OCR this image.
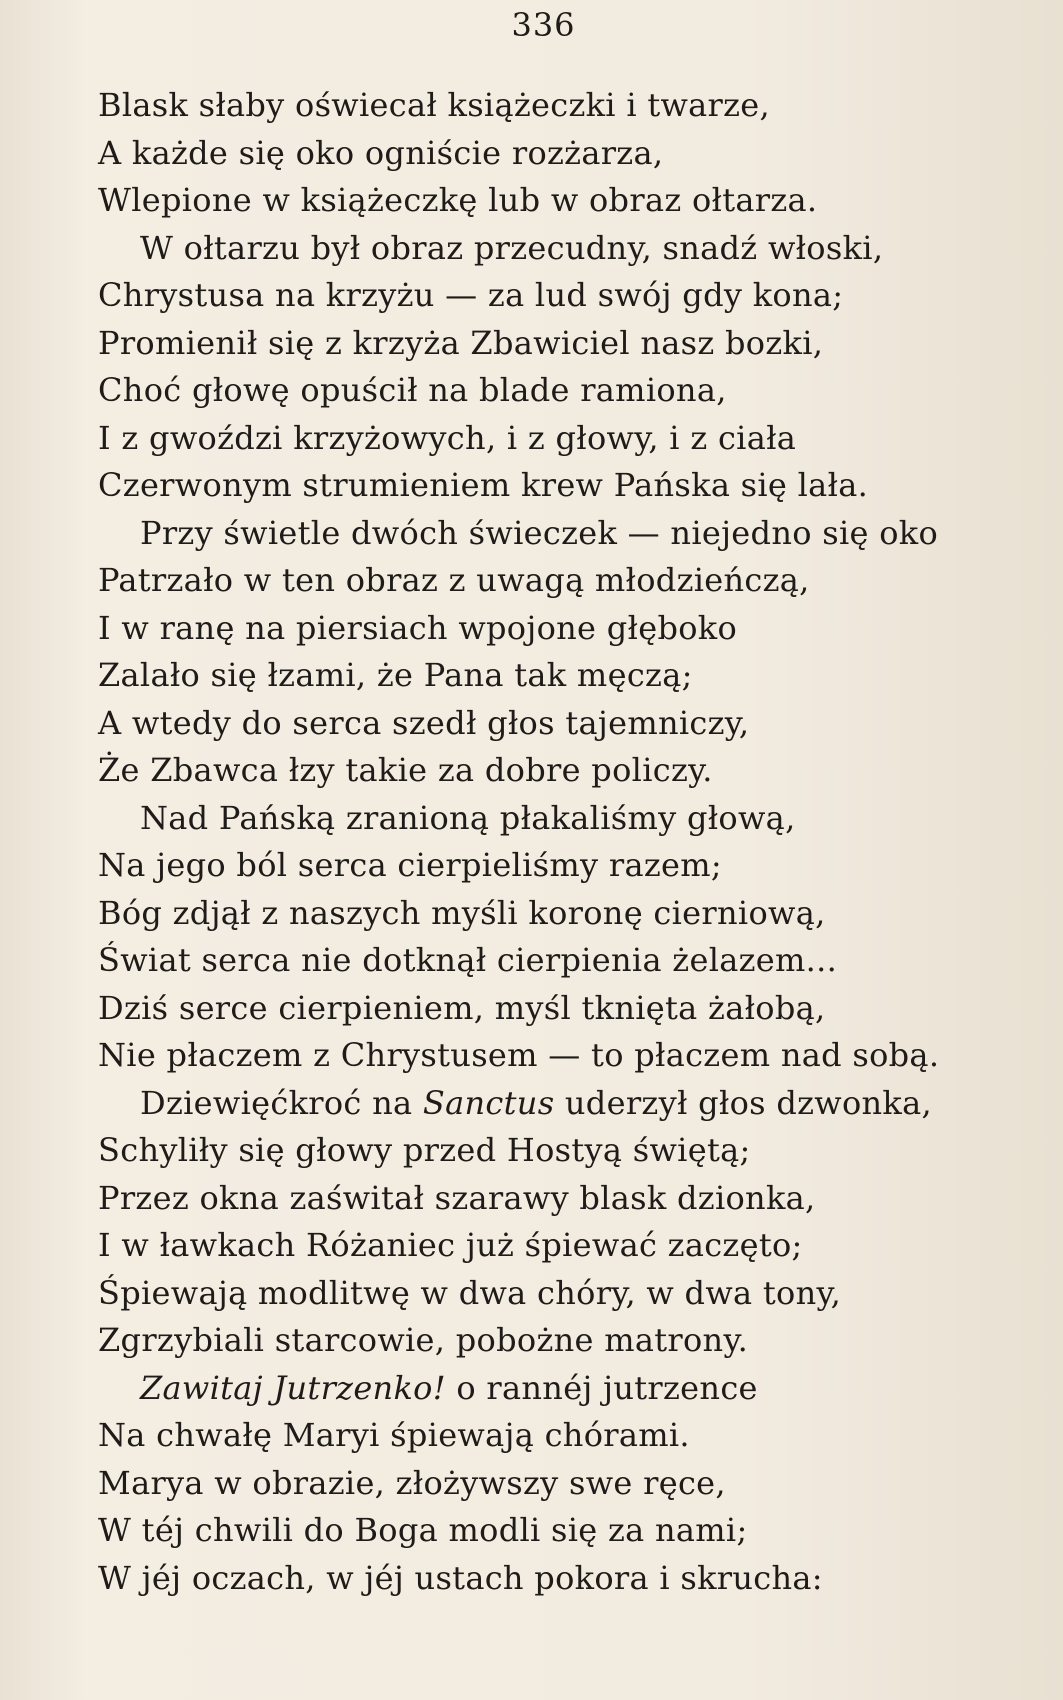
336
Blask słaby oświecał książeczki i twarze,
A każde się oko ogniście rozżarza,
Wlepione w książeczkę lub w obraz ołtarza.
W ołtarzu był obraz przecudny, snadź włoski,
Chrystusa na krzyżu — za lud swój gdy kona;
Promienił się z krzyża Zbawiciel nasz bozki,
Choć głowę opuścił na blade ramiona,
I z gwoździ krzyżowych, i z głowy, i z ciała
Czerwonym strumieniem krew Pańska się lała.
Przy świetle dwóch świeczek — niejedno się oko
Patrzało w ten obraz z uwagą młodzieńczą,
I w ranę na piersiach wpojone głęboko
Zalało się łzami, że Pana tak męczą;
A wtedy do serca szedł głos tajemniczy,
Że Zbawca łzy takie za dobre policzy.
Nad Pańską zranioną płakaliśmy głową,
Na jego ból serca cierpieliśmy razem;
Bóg zdjął z naszych myśli koronę cierniową,
Świat serca nie dotknął cierpienia żelazem...
Dziś serce cierpieniem, myśl tknięta żałobą,
Nie płaczem z Chrystusem — to płaczem nad sobą.
Dziewięćkroć na Sanctus uderzył głos dzwonka,
Schyliły się głowy przed Hostyą świętą;
Przez okna zaświtał szarawy blask dzionka,
I w ławkach Różaniec już śpiewać zaczęto;
Śpiewają modlitwę w dwa chóry, w dwa tony,
Zgrzybiali starcowie, pobożne matrony.
Zawitaj Jutrzenko! o rannéj jutrzence
Na chwałę Maryi śpiewają chórami.
Marya w obrazie, złożywszy swe ręce,
W téj chwili do Boga modli się za nami;
W jéj oczach, w jéj ustach pokora i skrucha:
